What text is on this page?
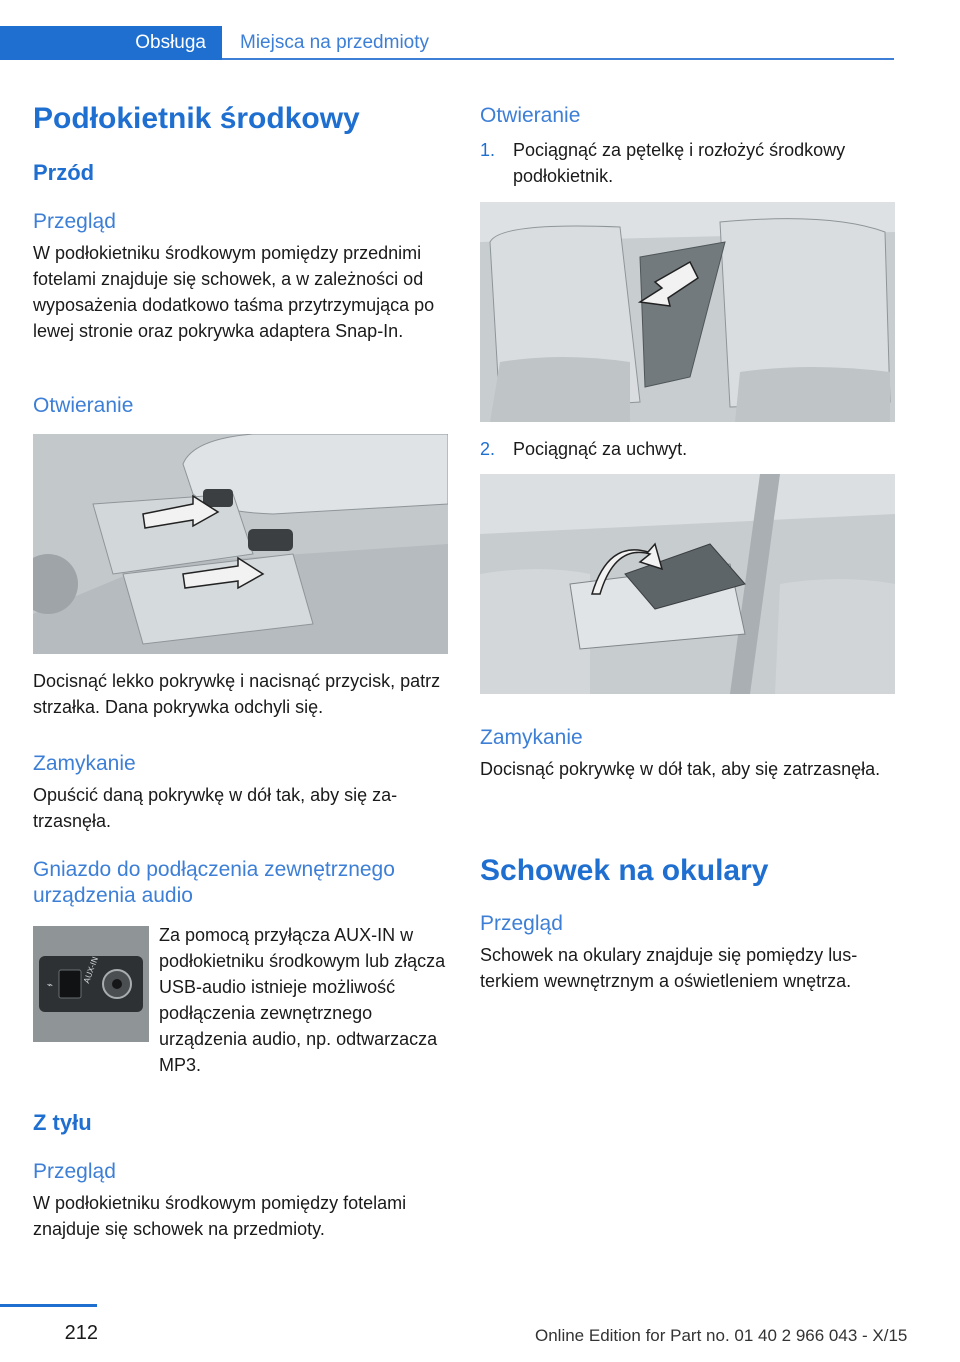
Obsługa	Miejsca na przedmioty
Podłokietnik środkowy
Przód
Przegląd
W podłokietniku środkowym pomiędzy przednimi fotelami znajduje się schowek, a w zależności od wyposażenia dodatkowo taśma przytrzymująca po lewej stronie oraz pokrywka adaptera Snap-In.
Otwieranie
Docisnąć lekko pokrywkę i nacisnąć przycisk, patrz strzałka. Dana pokrywka odchyli się.
Zamykanie
Opuścić daną pokrywkę w dół tak, aby się zatrzasnęła.
Gniazdo do podłączenia zewnętrznego
urządzenia audio
⌁
AUX-IN
Za pomocą przyłącza AUX-IN w podłokietniku środkowym lub złącza USB-audio istnieje możliwość podłączenia zewnętrznego urządzenia audio, np. odtwarzacza MP3.
Z tyłu
Przegląd
W podłokietniku środkowym pomiędzy fotelami znajduje się schowek na przedmioty.
Otwieranie
1. Pociągnąć za pętelkę i rozłożyć środkowy podłokietnik.
2. Pociągnąć za uchwyt.
Zamykanie
Docisnąć pokrywkę w dół tak, aby się zatrzasnęła.
Schowek na okulary
Przegląd
Schowek na okulary znajduje się pomiędzy lusterkiem wewnętrznym a oświetleniem wnętrza.
212	Online Edition for Part no. 01 40 2 966 043 - X/15
